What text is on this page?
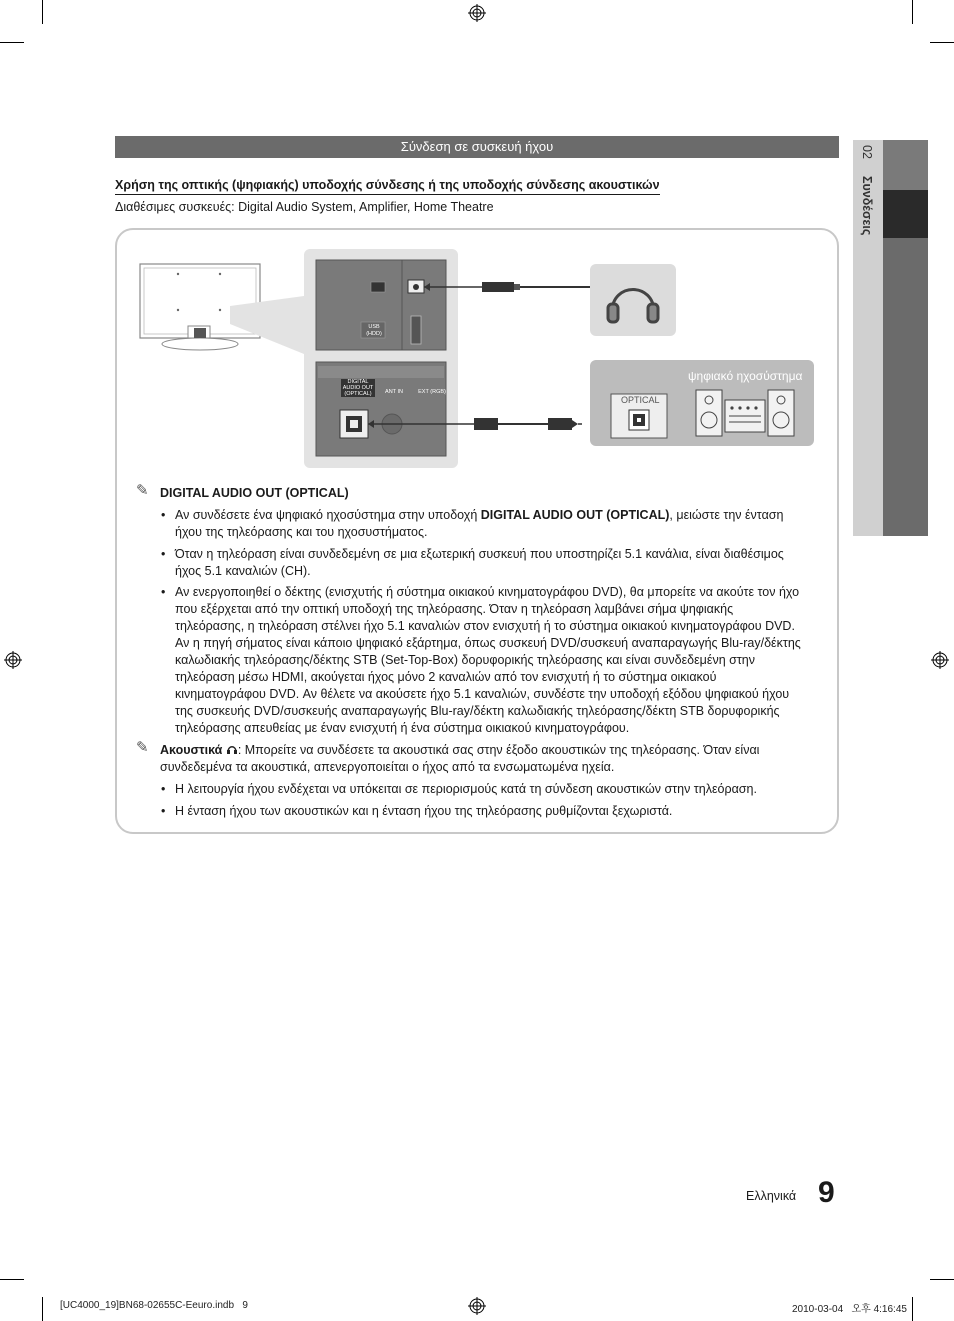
02
Συνδέσεις
Σύνδεση σε συσκευή ήχου
Χρήση της οπτικής (ψηφιακής) υποδοχής σύνδεσης ή της υποδοχής σύνδεσης ακουστικών
Διαθέσιμες συσκευές: Digital Audio System, Amplifier, Home Theatre
USB
(HDD)
DIGITAL AUDIO OUT (OPTICAL)	ANT IN	EXT (RGB)
ψηφιακό ηχοσύστημα
OPTICAL
✎ DIGITAL AUDIO OUT (OPTICAL)
• Αν συνδέσετε ένα ψηφιακό ηχοσύστημα στην υποδοχή DIGITAL AUDIO OUT (OPTICAL), μειώστε την ένταση ήχου της τηλεόρασης και του ηχοσυστήματος.
• Όταν η τηλεόραση είναι συνδεδεμένη σε μια εξωτερική συσκευή που υποστηρίζει 5.1 κανάλια, είναι διαθέσιμος ήχος 5.1 καναλιών (CH).
• Αν ενεργοποιηθεί ο δέκτης (ενισχυτής ή σύστημα οικιακού κινηματογράφου DVD), θα μπορείτε να ακούτε τον ήχο που εξέρχεται από την οπτική υποδοχή της τηλεόρασης. Όταν η τηλεόραση λαμβάνει σήμα ψηφιακής τηλεόρασης, η τηλεόραση στέλνει ήχο 5.1 καναλιών στον ενισχυτή ή το σύστημα οικιακού κινηματογράφου DVD. Αν η πηγή σήματος είναι κάποιο ψηφιακό εξάρτημα, όπως συσκευή DVD/συσκευή αναπαραγωγής Blu-ray/δέκτης καλωδιακής τηλεόρασης/δέκτης STB (Set-Top-Box) δορυφορικής τηλεόρασης και είναι συνδεδεμένη στην τηλεόραση μέσω HDMI, ακούγεται ήχος μόνο 2 καναλιών από τον ενισχυτή ή το σύστημα οικιακού κινηματογράφου DVD. Αν θέλετε να ακούσετε ήχο 5.1 καναλιών, συνδέστε την υποδοχή εξόδου ψηφιακού ήχου της συσκευής DVD/συσκευής αναπαραγωγής Blu-ray/δέκτη καλωδιακής τηλεόρασης/δέκτη STB δορυφορικής τηλεόρασης απευθείας με έναν ενισχυτή ή ένα σύστημα οικιακού κινηματογράφου.
✎ Ακουστικά : Μπορείτε να συνδέσετε τα ακουστικά σας στην έξοδο ακουστικών της τηλεόρασης. Όταν είναι συνδεδεμένα τα ακουστικά, απενεργοποιείται ο ήχος από τα ενσωματωμένα ηχεία.
• Η λειτουργία ήχου ενδέχεται να υπόκειται σε περιορισμούς κατά τη σύνδεση ακουστικών στην τηλεόραση.
• Η ένταση ήχου των ακουστικών και η ένταση ήχου της τηλεόρασης ρυθμίζονται ξεχωριστά.
Ελληνικά 9
[UC4000_19]BN68-02655C-Eeuro.indb   9	2010-03-04   오후 4:16:45
